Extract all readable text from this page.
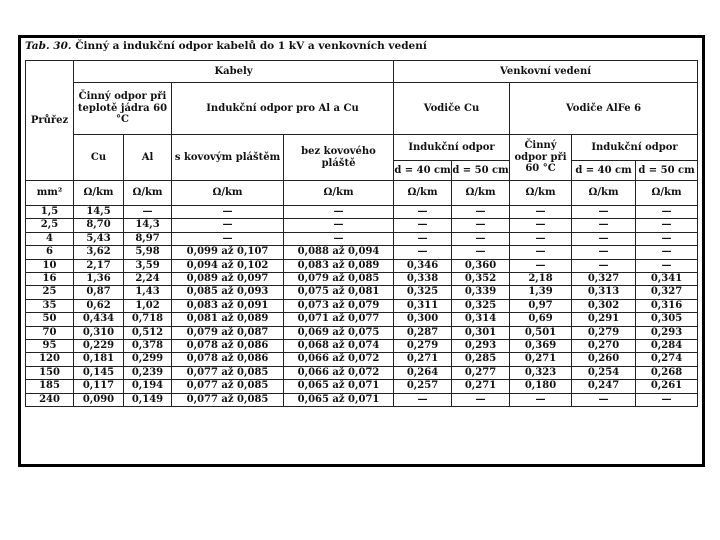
Tab. 30. Činný a indukční odpor kabelů do 1 kV a venkovních vedení
Průřez	Kabely				Venkovní vedení				
	Činný odpor při teplotě jádra 60 °C		Indukční odpor pro Al a Cu		Vodiče Cu		Vodiče AlFe 6		
	Cu	Al	s kovovým pláštěm	bez kovového pláště	Indukční odpor		Činný odpor při 60 °C	Indukční odpor	
					d = 40 cm	d = 50 cm		d = 40 cm	d = 50 cm
mm²	Ω/km	Ω/km	Ω/km	Ω/km	Ω/km	Ω/km	Ω/km	Ω/km	Ω/km
1,5	14,5	—	—	—	—	—	—	—	—
2,5	8,70	14,3	—	—	—	—	—	—	—
4	5,43	8,97	—	—	—	—	—	—	—
6	3,62	5,98	0,099 až 0,107	0,088 až 0,094	—	—	—	—	—
10	2,17	3,59	0,094 až 0,102	0,083 až 0,089	0,346	0,360	—	—	—
16	1,36	2,24	0,089 až 0,097	0,079 až 0,085	0,338	0,352	2,18	0,327	0,341
25	0,87	1,43	0,085 až 0,093	0,075 až 0,081	0,325	0,339	1,39	0,313	0,327
35	0,62	1,02	0,083 až 0,091	0,073 až 0,079	0,311	0,325	0,97	0,302	0,316
50	0,434	0,718	0,081 až 0,089	0,071 až 0,077	0,300	0,314	0,69	0,291	0,305
70	0,310	0,512	0,079 až 0,087	0,069 až 0,075	0,287	0,301	0,501	0,279	0,293
95	0,229	0,378	0,078 až 0,086	0,068 až 0,074	0,279	0,293	0,369	0,270	0,284
120	0,181	0,299	0,078 až 0,086	0,066 až 0,072	0,271	0,285	0,271	0,260	0,274
150	0,145	0,239	0,077 až 0,085	0,066 až 0,072	0,264	0,277	0,323	0,254	0,268
185	0,117	0,194	0,077 až 0,085	0,065 až 0,071	0,257	0,271	0,180	0,247	0,261
240	0,090	0,149	0,077 až 0,085	0,065 až 0,071	—	—	—	—	—
